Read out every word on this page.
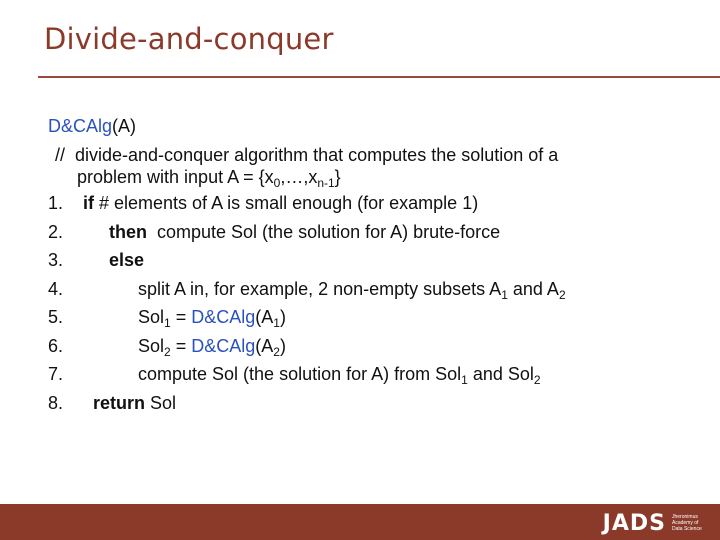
Divide-and-conquer
D&CAlg(A)
//  divide-and-conquer algorithm that computes the solution of a
problem with input $A = \{x_0,\dots,x_{n-1}\}$
1. if # elements of A is small enough (for example 1)
2.	then  compute Sol (the solution for A) brute-force
3.	else
4.	split A in, for example, 2 non-empty subsets $A_1$ and $A_2$
5.	$Sol_1 = D\&CAlg(A_1)$
6.	$Sol_2 = D\&CAlg(A_2)$
7.	compute Sol (the solution for A) from Sol$_1$ and Sol$_2$
8. return Sol
JADS Jheronimus Academy of Data Science
